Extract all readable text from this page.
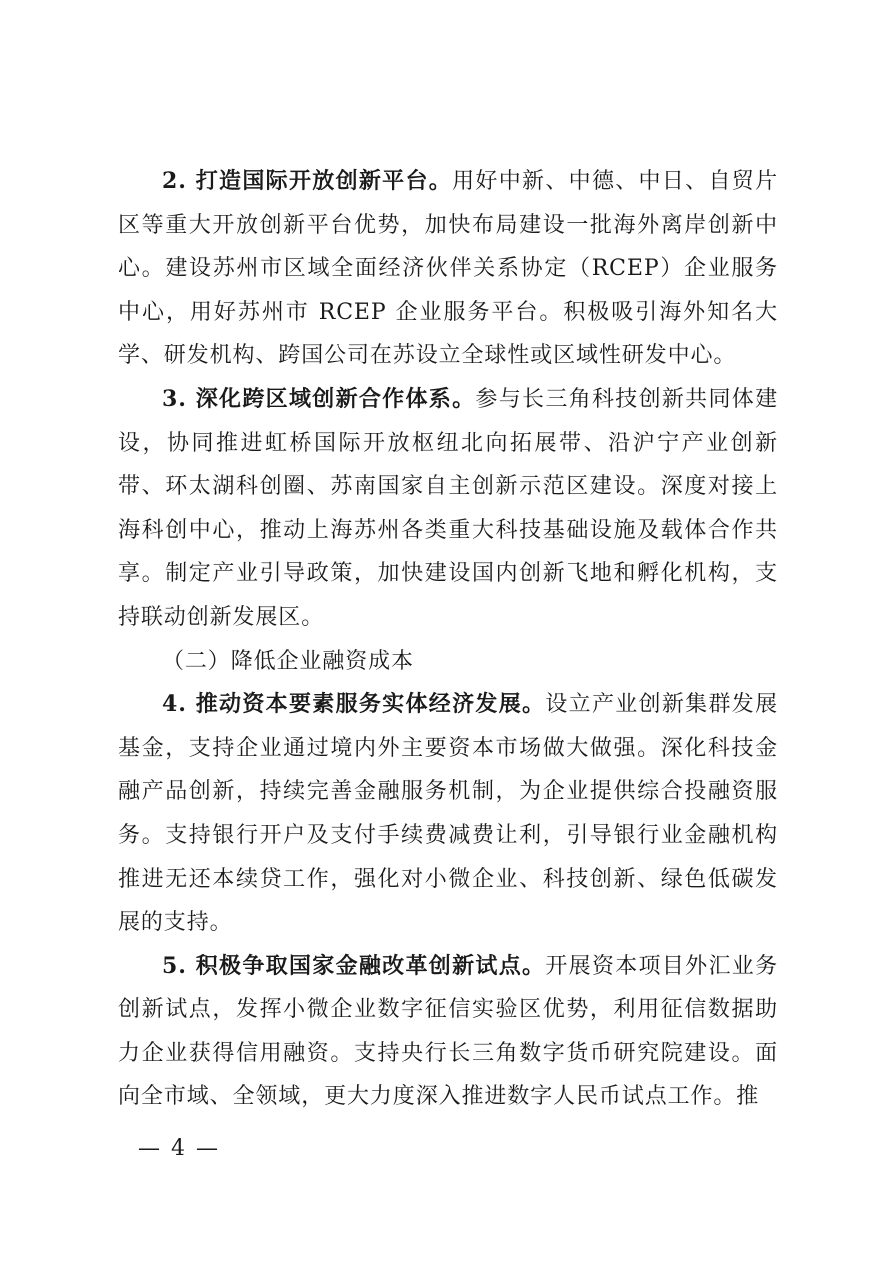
2. 打造国际开放创新平台。用好中新、中德、中日、自贸片区等重大开放创新平台优势，加快布局建设一批海外离岸创新中心。建设苏州市区域全面经济伙伴关系协定（RCEP）企业服务中心，用好苏州市 RCEP 企业服务平台。积极吸引海外知名大学、研发机构、跨国公司在苏设立全球性或区域性研发中心。

3. 深化跨区域创新合作体系。参与长三角科技创新共同体建设，协同推进虹桥国际开放枢纽北向拓展带、沿沪宁产业创新带、环太湖科创圈、苏南国家自主创新示范区建设。深度对接上海科创中心，推动上海苏州各类重大科技基础设施及载体合作共享。制定产业引导政策，加快建设国内创新飞地和孵化机构，支持联动创新发展区。

（二）降低企业融资成本

4. 推动资本要素服务实体经济发展。设立产业创新集群发展基金，支持企业通过境内外主要资本市场做大做强。深化科技金融产品创新，持续完善金融服务机制，为企业提供综合投融资服务。支持银行开户及支付手续费减费让利，引导银行业金融机构推进无还本续贷工作，强化对小微企业、科技创新、绿色低碳发展的支持。

5. 积极争取国家金融改革创新试点。开展资本项目外汇业务创新试点，发挥小微企业数字征信实验区优势，利用征信数据助力企业获得信用融资。支持央行长三角数字货币研究院建设。面向全市域、全领域，更大力度深入推进数字人民币试点工作。推

— 4 —
